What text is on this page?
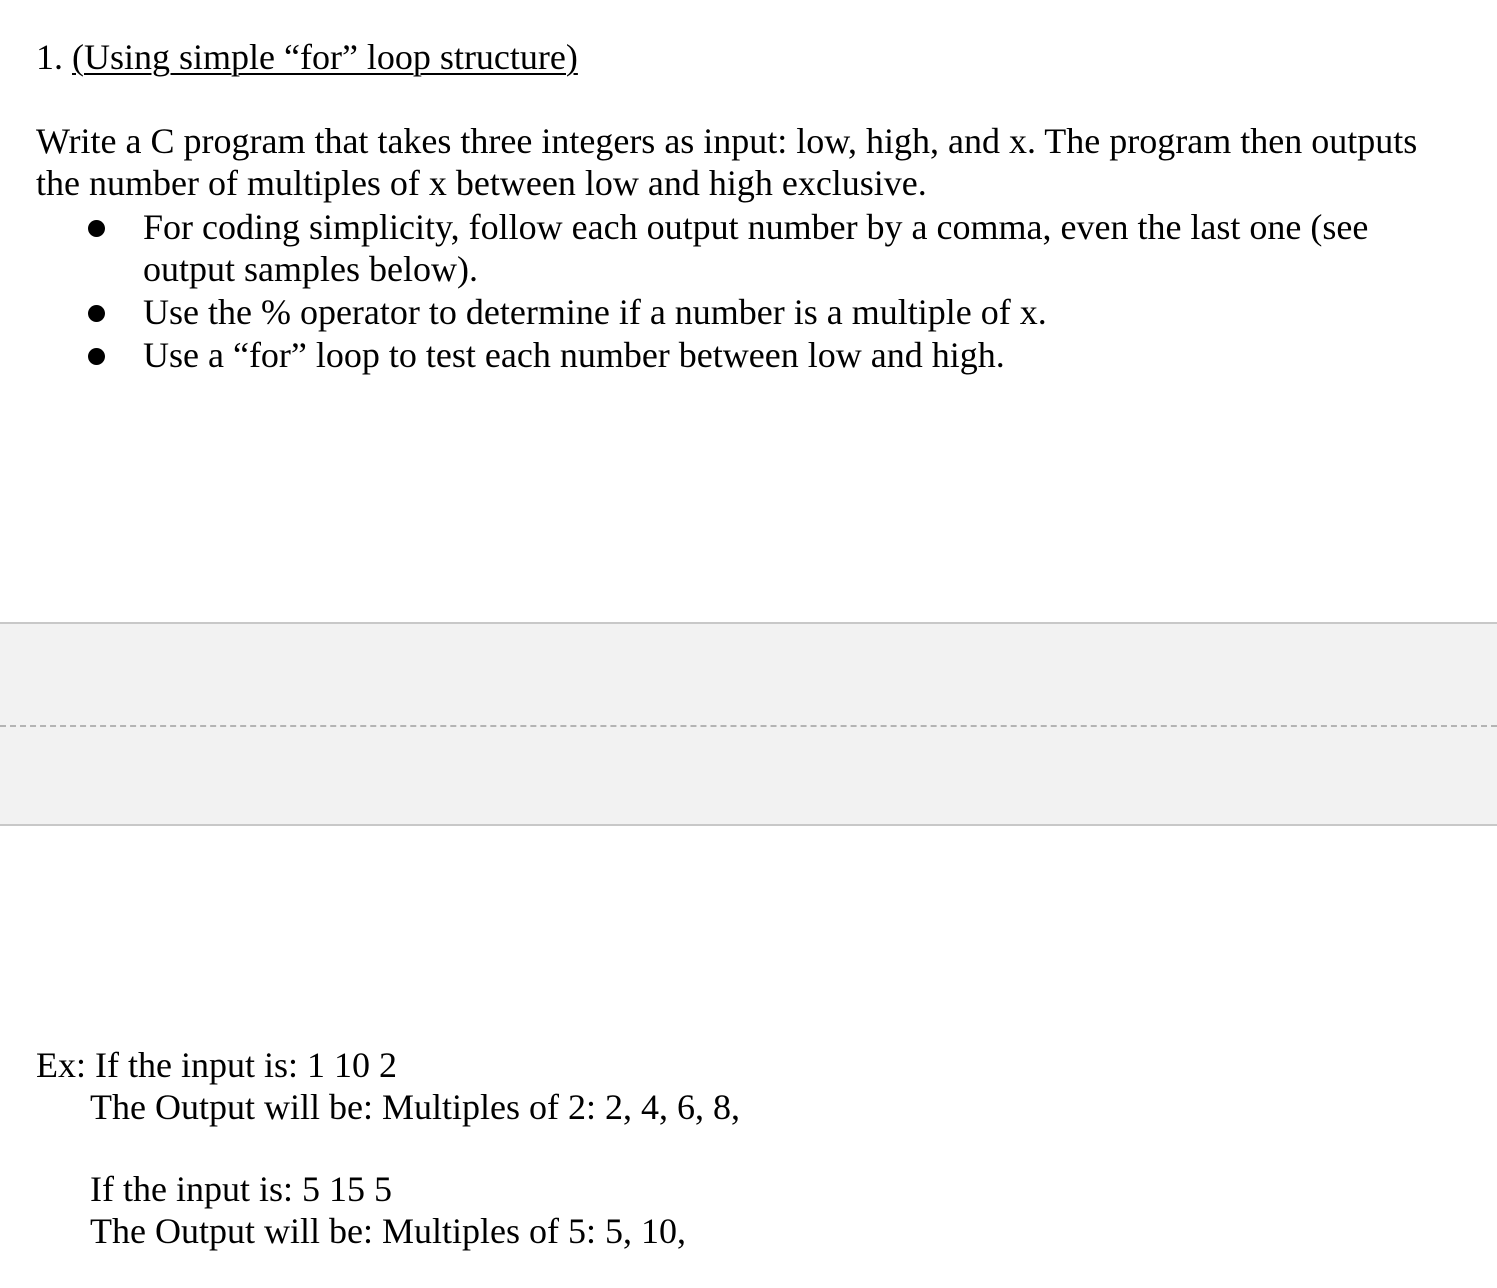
1. (Using simple “for” loop structure)
Write a C program that takes three integers as input: low, high, and x. The program then outputs
the number of multiples of x between low and high exclusive.
For coding simplicity, follow each output number by a comma, even the last one (see
output samples below).
Use the % operator to determine if a number is a multiple of x.
Use a “for” loop to test each number between low and high.
Ex: If the input is: 1 10 2
The Output will be: Multiples of 2: 2, 4, 6, 8,
If the input is: 5 15 5
The Output will be: Multiples of 5: 5, 10,
